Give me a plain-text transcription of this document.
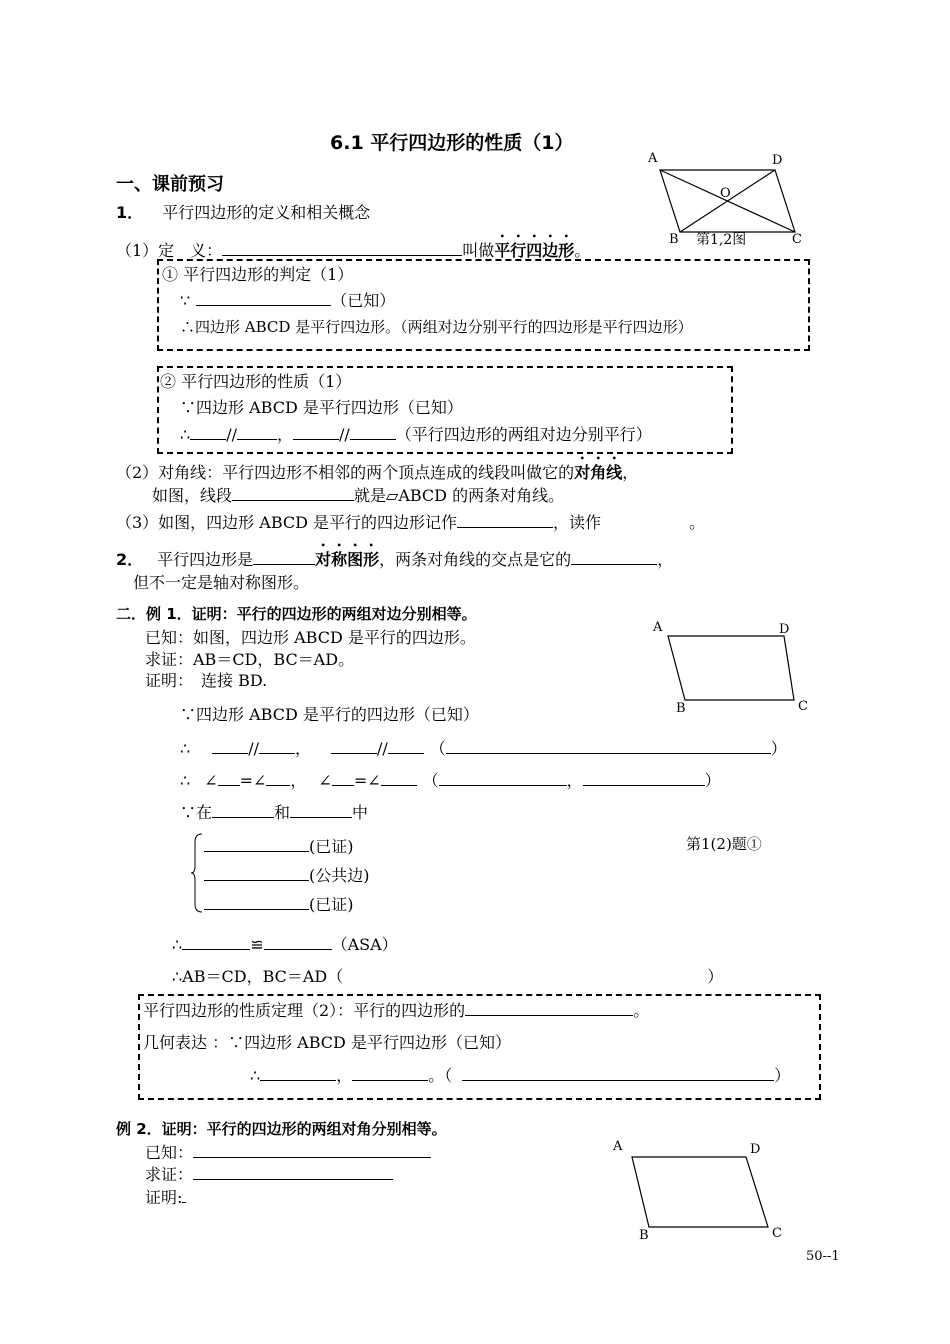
6.1 平行四边形的性质（1）
A	D
O
B	C
第1,2图
一、课前预习
1． 平行四边形的定义和相关概念
（1）定　义：	叫做平行四边形。
① 平行四边形的判定（1）
∵	（已知）
∴四边形 ABCD 是平行四边形。（两组对边分别平行的四边形是平行四边形）
② 平行四边形的性质（1）
∵四边形 ABCD 是平行四边形（已知）
∴ //	，	//	（平行四边形的两组对边分别平行）
（2）对角线：平行四边形不相邻的两个顶点连成的线段叫做它的对角线，
如图，线段	就是▱ABCD 的两条对角线。
（3）如图，四边形 ABCD 是平行的四边形记作	，读作	。
2． 平行四边形是	对称图形，两条对角线的交点是它的	，
但不一定是轴对称图形。
二．例 1．证明：平行的四边形的两组对边分别相等。
已知：如图，四边形 ABCD 是平行的四边形。
求证：AB＝CD，BC＝AD。
证明：　连接 BD.
A	D
B	C
∵四边形 ABCD 是平行的四边形（已知）
∴	// ，	//	（	）
∴ ∠ =∠ ， ∠ =∠	（	，	）
∵在	和	中
(已证)
(公共边)
(已证)
第1(2)题①
∴	≌	（ASA）
∴AB＝CD，BC＝AD（	）
平行四边形的性质定理（2）：平行的四边形的	。
几何表达 ：∵四边形 ABCD 是平行四边形（已知）
∴	，	。（	）
例 2．证明：平行的四边形的两组对角分别相等。
已知：
求证：
证明:
A	D
B	C
50--1
